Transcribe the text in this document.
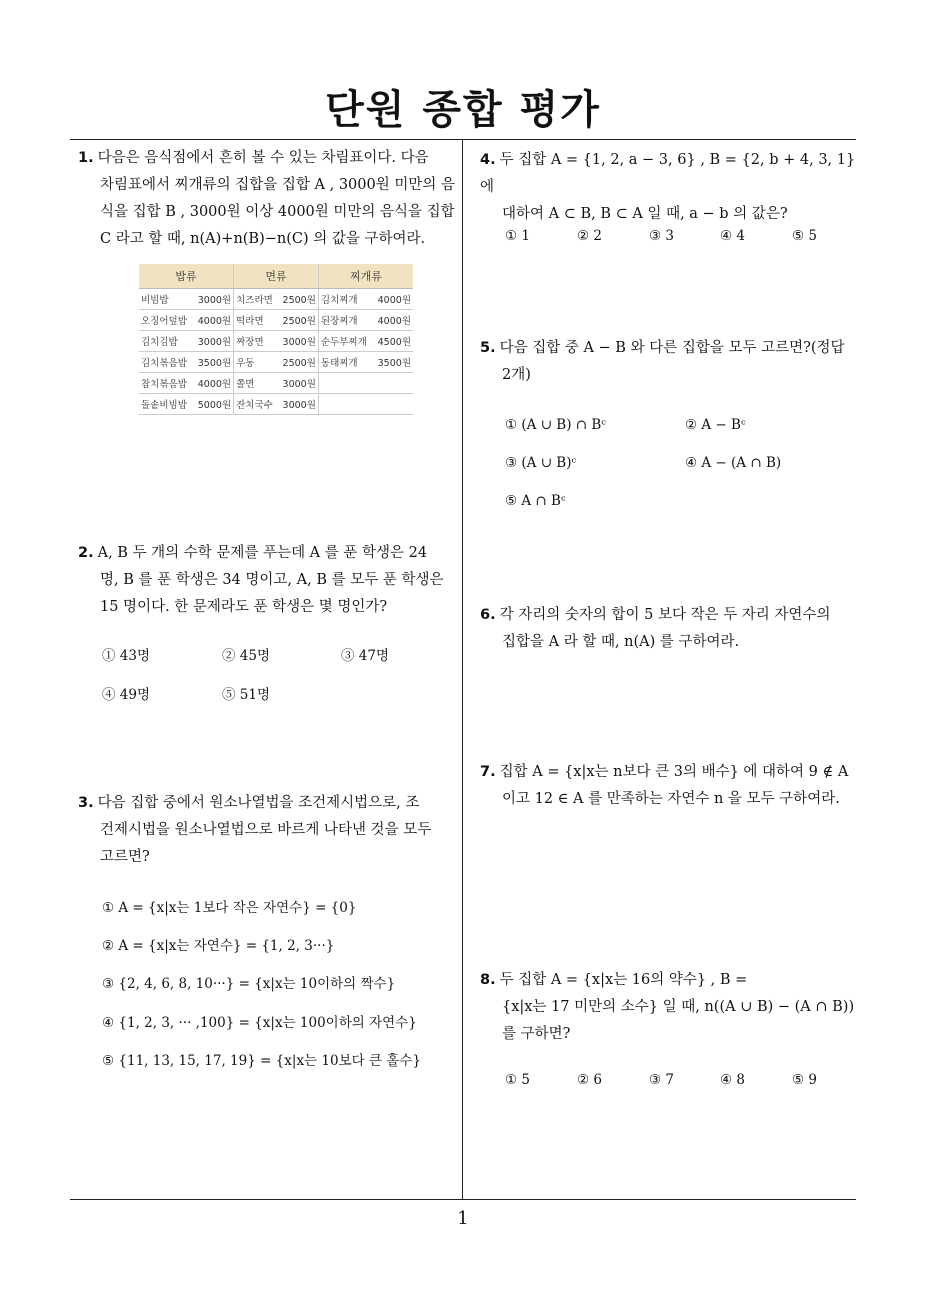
단원 종합 평가
1
1. 다음은 음식점에서 흔히 볼 수 있는 차림표이다. 다음
차림표에서 찌개류의 집합을 집합 A , 3000원 미만의 음
식을 집합 B , 3000원 이상 4000원 미만의 음식을 집합
C 라고 할 때, n(A)+n(B)−n(C) 의 값을 구하여라.
밥류	면류	찌개류
비빔밥 3000원	치즈라면 2500원	김치찌개 4000원

오징어덮밥 4000원	떡라면 2500원	된장찌개 4000원

김치김밥 3000원	짜장면 3000원	순두부찌개 4500원

김치볶음밥 3500원	우동 2500원	동태찌개 3500원

참치볶음밥 4000원	쫄면 3000원	

돌솥비빔밥 5000원	잔치국수 3000원	

2. A, B 두 개의 수학 문제를 푸는데 A 를 푼 학생은 24
명, B 를 푼 학생은 34 명이고, A, B 를 모두 푼 학생은
15 명이다. 한 문제라도 푼 학생은 몇 명인가?
① 43명	② 45명	③ 47명
④ 49명	⑤ 51명
3. 다음 집합 중에서 원소나열법을 조건제시법으로, 조
건제시법을 원소나열법으로 바르게 나타낸 것을 모두
고르면?
① A = {x|x는 1보다 작은 자연수} = {0}
② A = {x|x는 자연수} = {1, 2, 3···}
③ {2, 4, 6, 8, 10···} = {x|x는 10이하의 짝수}
④ {1, 2, 3, ··· ,100} = {x|x는 100이하의 자연수}
⑤ {11, 13, 15, 17, 19} = {x|x는 10보다 큰 홀수}
4. 두 집합 A = {1, 2, a − 3, 6} , B = {2, b + 4, 3, 1} 에
대하여 A ⊂ B, B ⊂ A 일 때, a − b 의 값은?
① 1	② 2	③ 3	④ 4	⑤ 5
5. 다음 집합 중 A − B 와 다른 집합을 모두 고르면?(정답
2개)
① (A ∪ B) ∩ Bᶜ	② A − Bᶜ
③ (A ∪ B)ᶜ	④ A − (A ∩ B)
⑤ A ∩ Bᶜ
6. 각 자리의 숫자의 합이 5 보다 작은 두 자리 자연수의
집합을 A 라 할 때, n(A) 를 구하여라.
7. 집합 A = {x|x는 n보다 큰 3의 배수} 에 대하여 9 ∉ A
이고 12 ∈ A 를 만족하는 자연수 n 을 모두 구하여라.
8. 두 집합 A = {x|x는 16의 약수} , B =
{x|x는 17 미만의 소수} 일 때, n((A ∪ B) − (A ∩ B))
를 구하면?
① 5	② 6	③ 7	④ 8	⑤ 9
